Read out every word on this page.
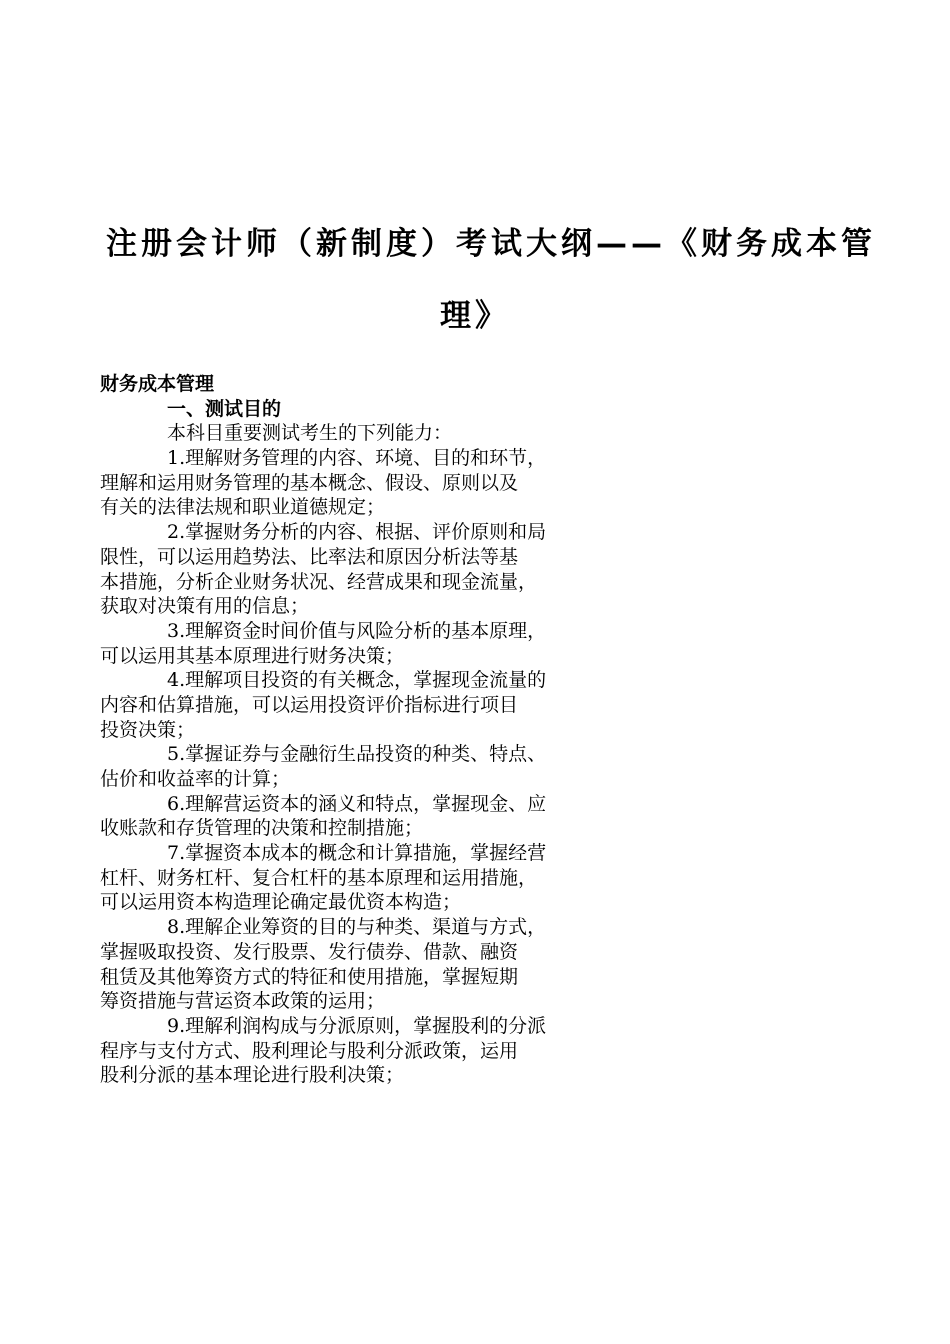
注册会计师（新制度）考试大纲——《财务成本管
理》
财务成本管理
一、测试目的
本科目重要测试考生的下列能力：
1.理解财务管理的内容、环境、目的和环节，
理解和运用财务管理的基本概念、假设、原则以及
有关的法律法规和职业道德规定；
2.掌握财务分析的内容、根据、评价原则和局
限性，可以运用趋势法、比率法和原因分析法等基
本措施，分析企业财务状况、经营成果和现金流量，
获取对决策有用的信息；
3.理解资金时间价值与风险分析的基本原理，
可以运用其基本原理进行财务决策；
4.理解项目投资的有关概念，掌握现金流量的
内容和估算措施，可以运用投资评价指标进行项目
投资决策；
5.掌握证券与金融衍生品投资的种类、特点、
估价和收益率的计算；
6.理解营运资本的涵义和特点，掌握现金、应
收账款和存货管理的决策和控制措施；
7.掌握资本成本的概念和计算措施，掌握经营
杠杆、财务杠杆、复合杠杆的基本原理和运用措施，
可以运用资本构造理论确定最优资本构造；
8.理解企业筹资的目的与种类、渠道与方式，
掌握吸取投资、发行股票、发行债券、借款、融资
租赁及其他筹资方式的特征和使用措施，掌握短期
筹资措施与营运资本政策的运用；
9.理解利润构成与分派原则，掌握股利的分派
程序与支付方式、股利理论与股利分派政策，运用
股利分派的基本理论进行股利决策；
